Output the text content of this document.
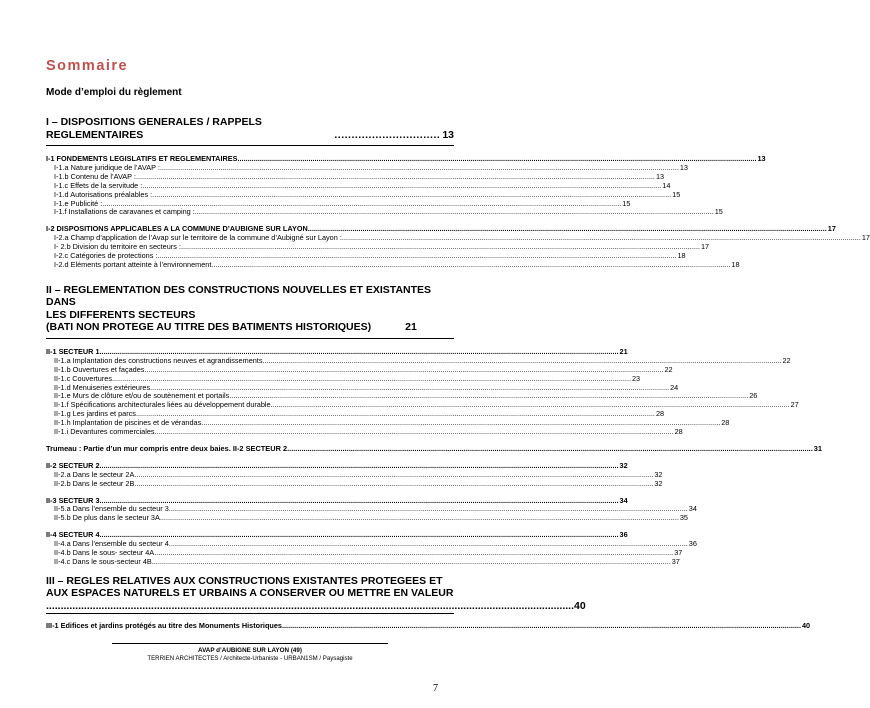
Sommaire
Mode d’emploi du règlement
I – DISPOSITIONS GENERALES / RAPPELS REGLEMENTAIRES	............................... 13
I-1 FONDEMENTS LEGISLATIFS ET REGLEMENTAIRES .....	13
I-1.a Nature juridique de l’AVAP : .....	13
I-1.b Contenu de l’AVAP : .....	13
I-1.c Effets de la servitude : .....	14
I-1.d Autorisations préalables : .....	15
I-1.e Publicité : .....	15
I-1.f Installations de caravanes et camping : .....	15
I-2 DISPOSITIONS APPLICABLES A LA COMMUNE D’AUBIGNE SUR LAYON .....	17
I-2.a Champ d’application de l’Avap sur le territoire de la commune d’Aubigné sur Layon : .....	17
I- 2.b Division du territoire en secteurs : .....	17
I-2.c Catégories de protections : .....	18
I-2.d Eléments portant atteinte à l’environnement .....	18
II – REGLEMENTATION DES CONSTRUCTIONS NOUVELLES ET EXISTANTES DANS
LES DIFFERENTS SECTEURS
(BATI NON PROTEGE AU TITRE DES BATIMENTS HISTORIQUES)	21
II-1 SECTEUR 1 .....	21
II-1.a Implantation des constructions neuves et agrandissements .....	22
II-1.b Ouvertures et façades .....	22
II-1.c Couvertures .....	23
II-1.d Menuiseries extérieures .....	24
II-1.e Murs de clôture et/ou de soutènement et portails .....	26
II-1.f Spécifications architecturales liées au développement durable .....	27
II-1.g Les jardins et parcs .....	28
II-1.h Implantation de piscines et de vérandas .....	28
II-1.i Devantures commerciales .....	28
Trumeau : Partie d’un mur compris entre deux baies. II-2 SECTEUR 2 .....	31
II-2 SECTEUR 2 .....	32
II-2.a Dans le secteur 2A .....	32
II-2.b Dans le secteur 2B .....	32
II-3 SECTEUR 3 .....	34
II-5.a Dans l’ensemble du secteur 3 .....	34
II-5.b De plus dans le secteur 3A .....	35
II-4 SECTEUR 4 .....	36
II-4.a Dans l’ensemble du secteur 4 .....	36
II-4.b Dans le sous- secteur 4A .....	37
II-4.c Dans le sous-secteur 4B .....	37
III – REGLES RELATIVES AUX CONSTRUCTIONS EXISTANTES PROTEGEES ET
AUX ESPACES NATURELS ET URBAINS A CONSERVER OU METTRE EN VALEUR
.....
40
III-1 Edifices et jardins protégés au titre des Monuments Historiques .....	40
AVAP d’AUBIGNE SUR LAYON (49)
TERRIEN ARCHITECTES / Architecte-Urbaniste - URBAN1SM / Paysagiste
7
